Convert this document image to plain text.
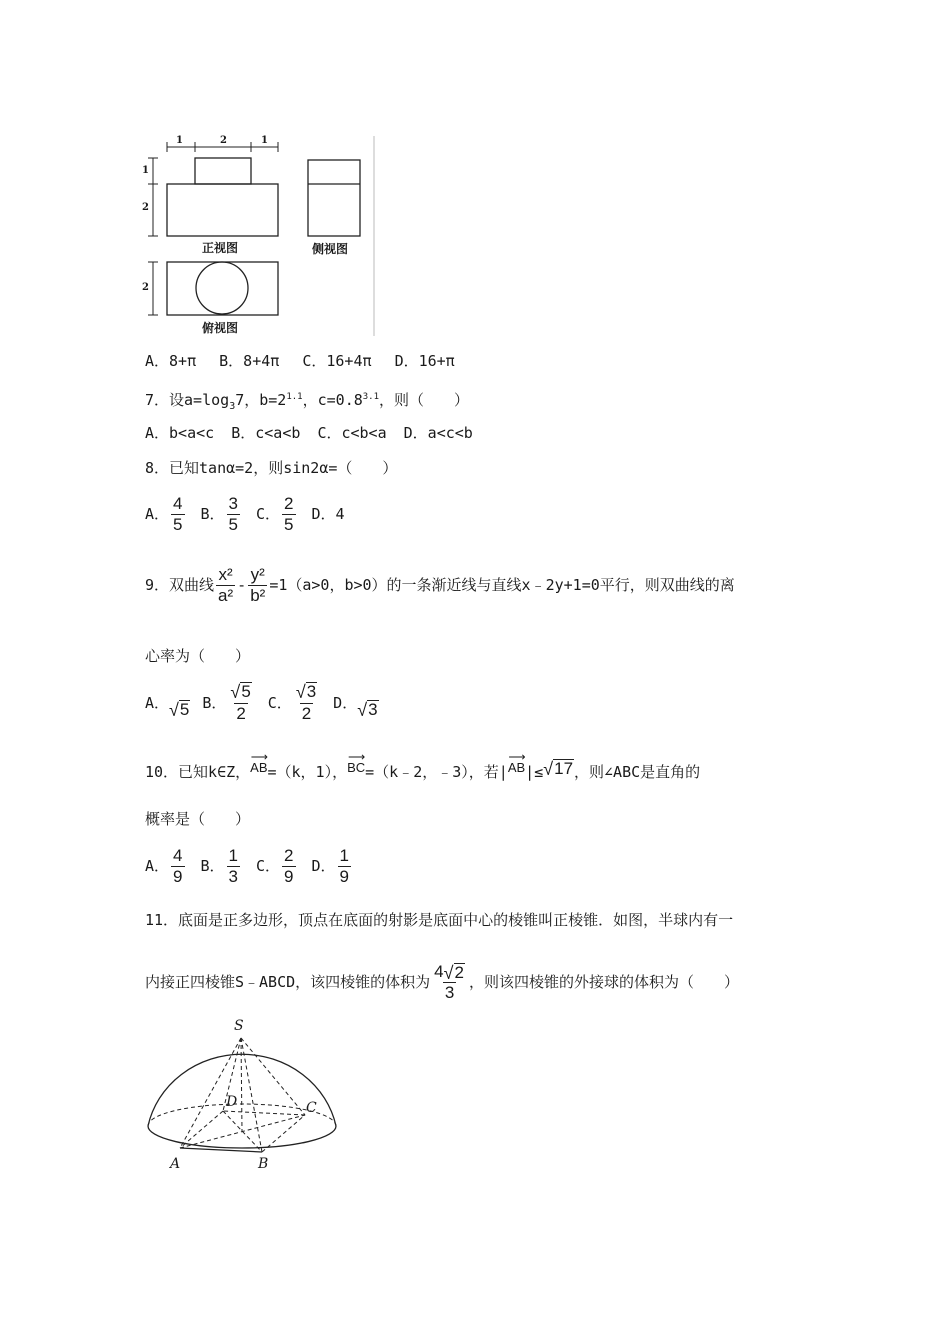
1	2	1
1
2
2
正视图	侧视图
俯视图
A．8+π B．8+4π C．16+4π D．16+π
7．设$a=\log_37$，$b=2^{1.1}$，$c=0.8^{3.1}$，则（　　）
A．b<a<c B．c<a<b C．c<b<a D．a<c<b
8．已知tanα=2，则sin2α=（　　）
A． $\frac{4}{5}$ B． $\frac{3}{5}$ C． $\frac{2}{5}$ D．4
9．双曲线 $\frac{\text{x²}}{\text{a²}} - \frac{\text{y²}}{\text{b²}} =1(a>0$，b>0）的一条渐近线与直线x﹣2y+1=0平行，则双曲线的离
心率为（　　）
A． √ 5 B． $\frac{√ 5}{2}$ C． $\frac{√ 3}{2}$ D． √ 3
10．已知k∈Z，
⟶
AB =（k，1），
⟶
BC =（k﹣2，﹣3），若|
⟶
AB |≤ √ 17 ，则∠ABC是直角的
概率是（　　）
A． $\frac{4}{9}$ B． $\frac{1}{3}$ C． $\frac{2}{9}$ D． $\frac{1}{9}$
11．底面是正多边形，顶点在底面的射影是底面中心的棱锥叫正棱锥．如图，半球内有一
内接正四棱锥S﹣ABCD，该四棱锥的体积为 $\frac{4 √ 2}{3}$ ，则该四棱锥的外接球的体积为（　　）
S
D	C
A	B
